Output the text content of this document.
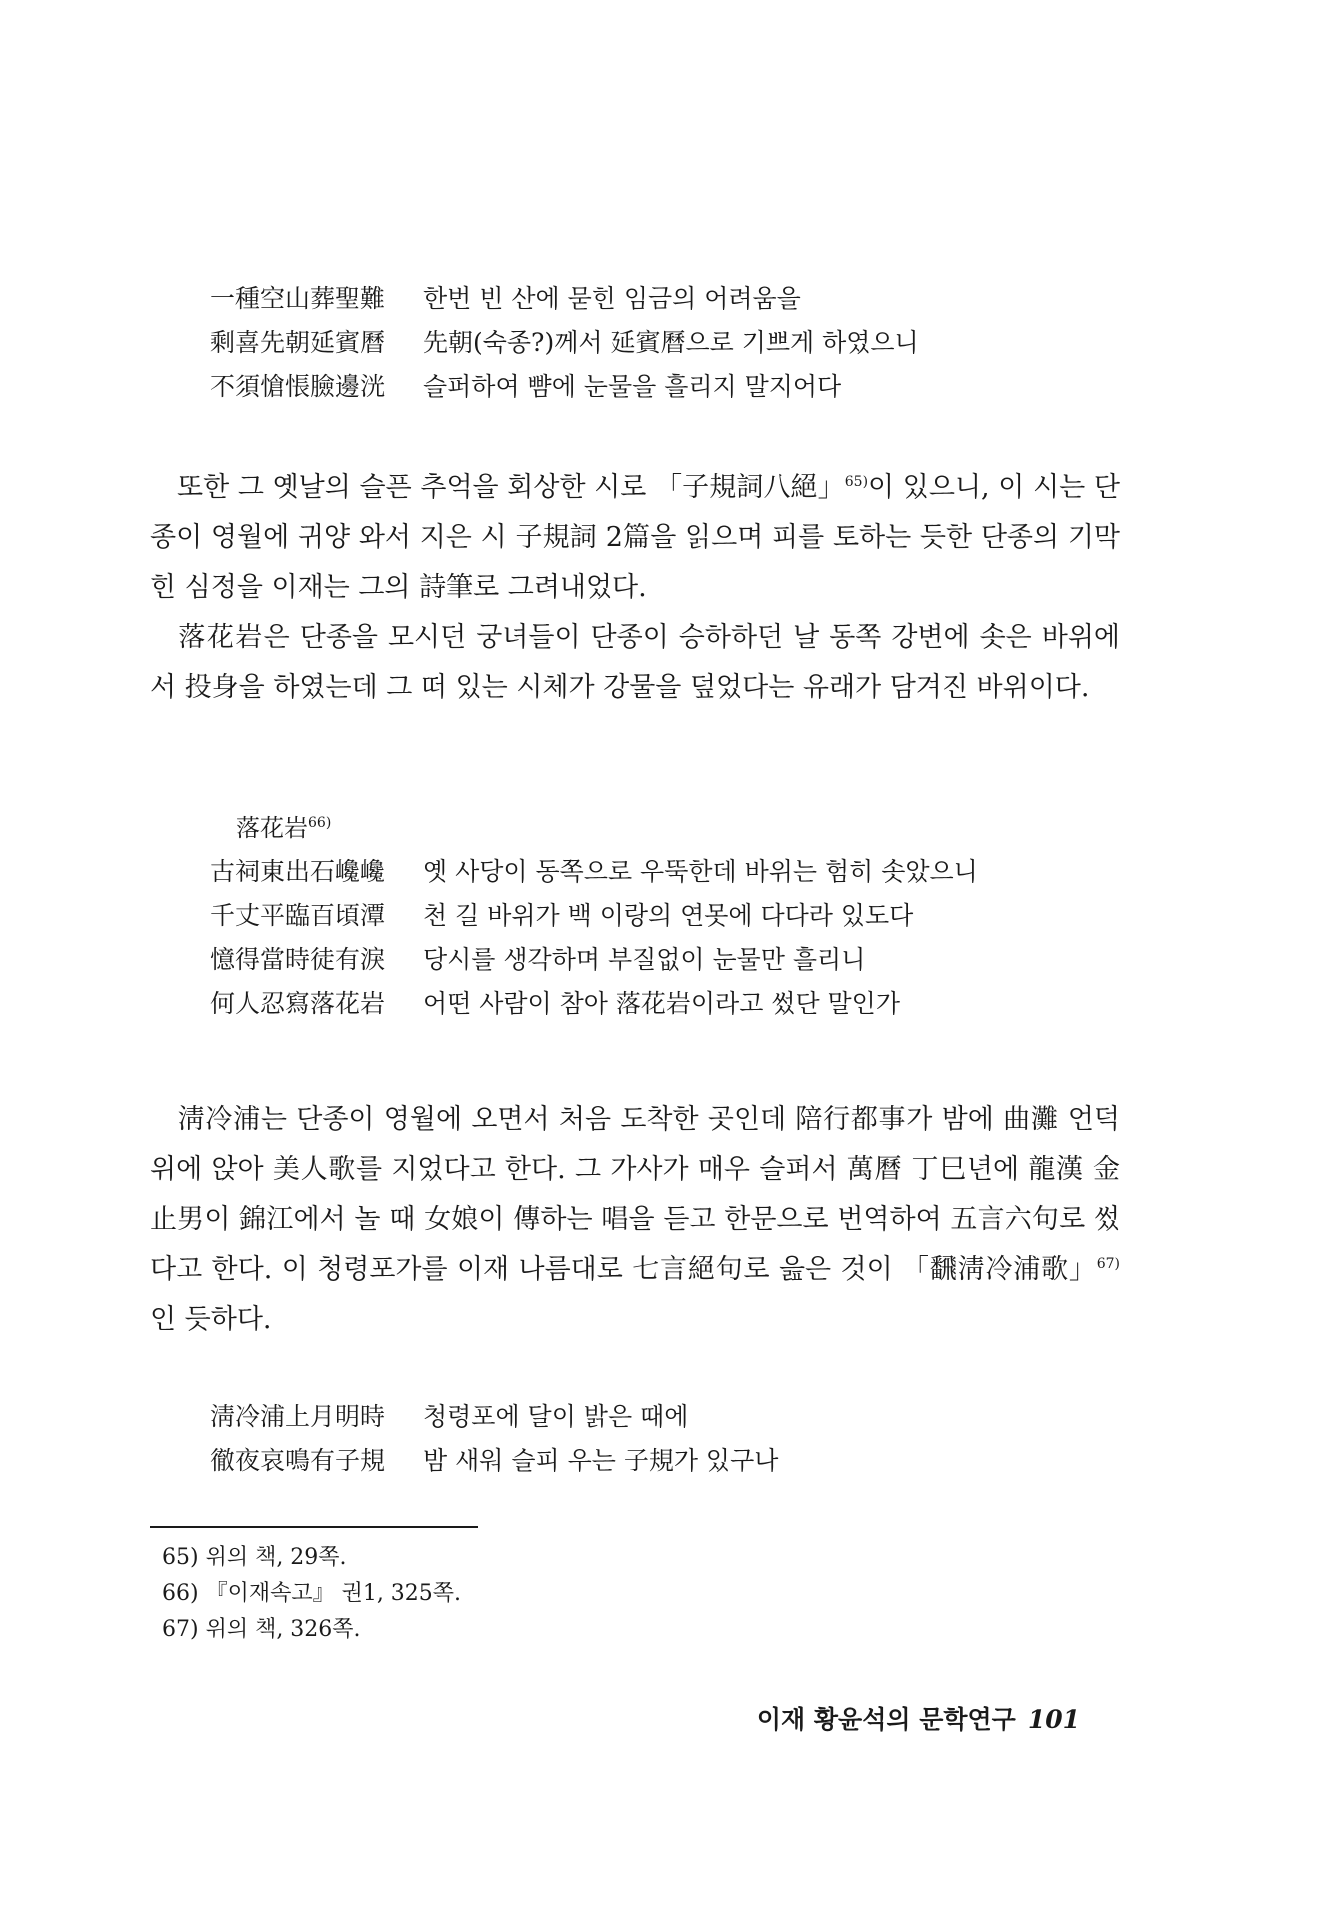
一種空山葬聖難	한번 빈 산에 묻힌 임금의 어려움을
剩喜先朝延賓曆	先朝(숙종?)께서 延賓曆으로 기쁘게 하였으니
不須愴悵臉邊洸	슬퍼하여 뺨에 눈물을 흘리지 말지어다

또한 그 옛날의 슬픈 추억을 회상한 시로 「子規詞八絕」$^{65)}$이 있으니, 이 시는 단종이 영월에 귀양 와서 지은 시 子規詞 2篇을 읽으며 피를 토하는 듯한 단종의 기막힌 심정을 이재는 그의 詩筆로 그려내었다.

落花岩은 단종을 모시던 궁녀들이 단종이 승하하던 날 동쪽 강변에 솟은 바위에서 投身을 하였는데 그 떠 있는 시체가 강물을 덮었다는 유래가 담겨진 바위이다.

落花岩$^{66)}$
古祠東出石巉巉	옛 사당이 동쪽으로 우뚝한데 바위는 험히 솟았으니
千丈平臨百頃潭	천 길 바위가 백 이랑의 연못에 다다라 있도다
憶得當時徒有淚	당시를 생각하며 부질없이 눈물만 흘리니
何人忍寫落花岩	어떤 사람이 참아 落花岩이라고 썼단 말인가

淸冷浦는 단종이 영월에 오면서 처음 도착한 곳인데 陪行都事가 밤에 曲灘 언덕 위에 앉아 美人歌를 지었다고 한다. 그 가사가 매우 슬퍼서 萬曆 丁巳년에 龍漢 金止男이 錦江에서 놀 때 女娘이 傳하는 唱을 듣고 한문으로 번역하여 五言六句로 썼다고 한다. 이 청령포가를 이재 나름대로 七言絕句로 읊은 것이 「飜淸冷浦歌」$^{67)}$인 듯하다.

淸冷浦上月明時	청령포에 달이 밝은 때에
徹夜哀鳴有子規	밤 새워 슬피 우는 子規가 있구나
65) 위의 책, 29쪽.
66) 『이재속고』 권1, 325쪽.
67) 위의 책, 326쪽.
이재 황윤석의 문학연구 101
